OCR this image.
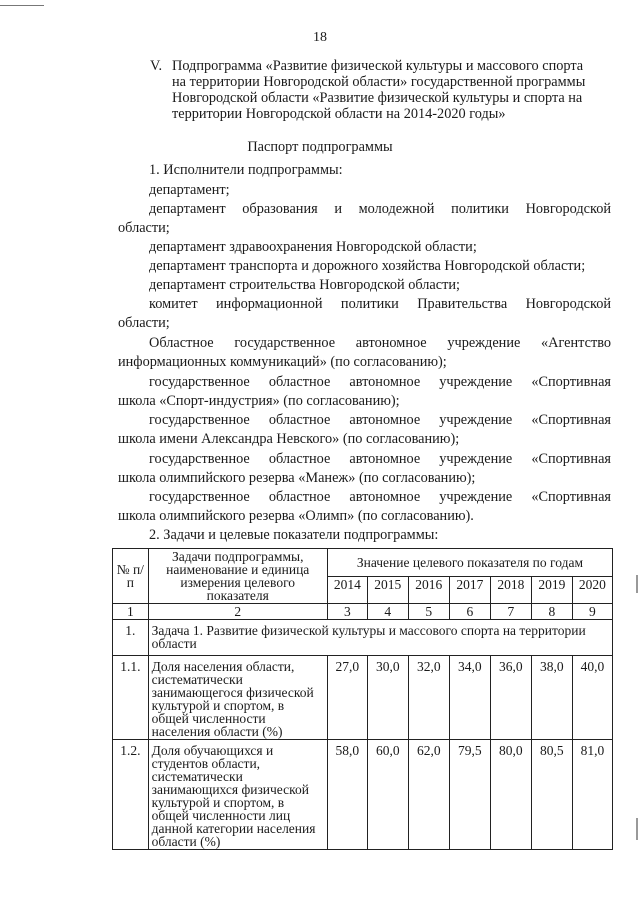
18
V. Подпрограмма «Развитие физической культуры и массового спорта
на территории Новгородской области» государственной программы
Новгородской области «Развитие физической культуры и спорта на
территории Новгородской области на 2014-2020 годы»
Паспорт подпрограммы
1. Исполнители подпрограммы:
департамент;
департамент образования и молодежной политики Новгородской
области;
департамент здравоохранения Новгородской области;
департамент транспорта и дорожного хозяйства Новгородской области;
департамент строительства Новгородской области;
комитет информационной политики Правительства Новгородской
области;
Областное государственное автономное учреждение «Агентство
информационных коммуникаций» (по согласованию);
государственное областное автономное учреждение «Спортивная
школа «Спорт-индустрия» (по согласованию);
государственное областное автономное учреждение «Спортивная
школа имени Александра Невского» (по согласованию);
государственное областное автономное учреждение «Спортивная
школа олимпийского резерва «Манеж» (по согласованию);
государственное областное автономное учреждение «Спортивная
школа олимпийского резерва «Олимп» (по согласованию).
2. Задачи и целевые показатели подпрограммы:
№ п/п	Задачи подпрограммы, наименование и единица измерения целевого показателя	Значение целевого показателя по годам						
		2014	2015	2016	2017	2018	2019	2020
1	2	3	4	5	6	7	8	9
1.	Задача 1. Развитие физической культуры и массового спорта на территории области							
1.1.	Доля населения области, систематически занимающегося физической культурой и спортом, в общей численности населения области (%)	27,0	30,0	32,0	34,0	36,0	38,0	40,0
1.2.	Доля обучающихся и студентов области, систематически занимающихся физической культурой и спортом, в общей численности лиц данной категории населения области (%)	58,0	60,0	62,0	79,5	80,0	80,5	81,0
